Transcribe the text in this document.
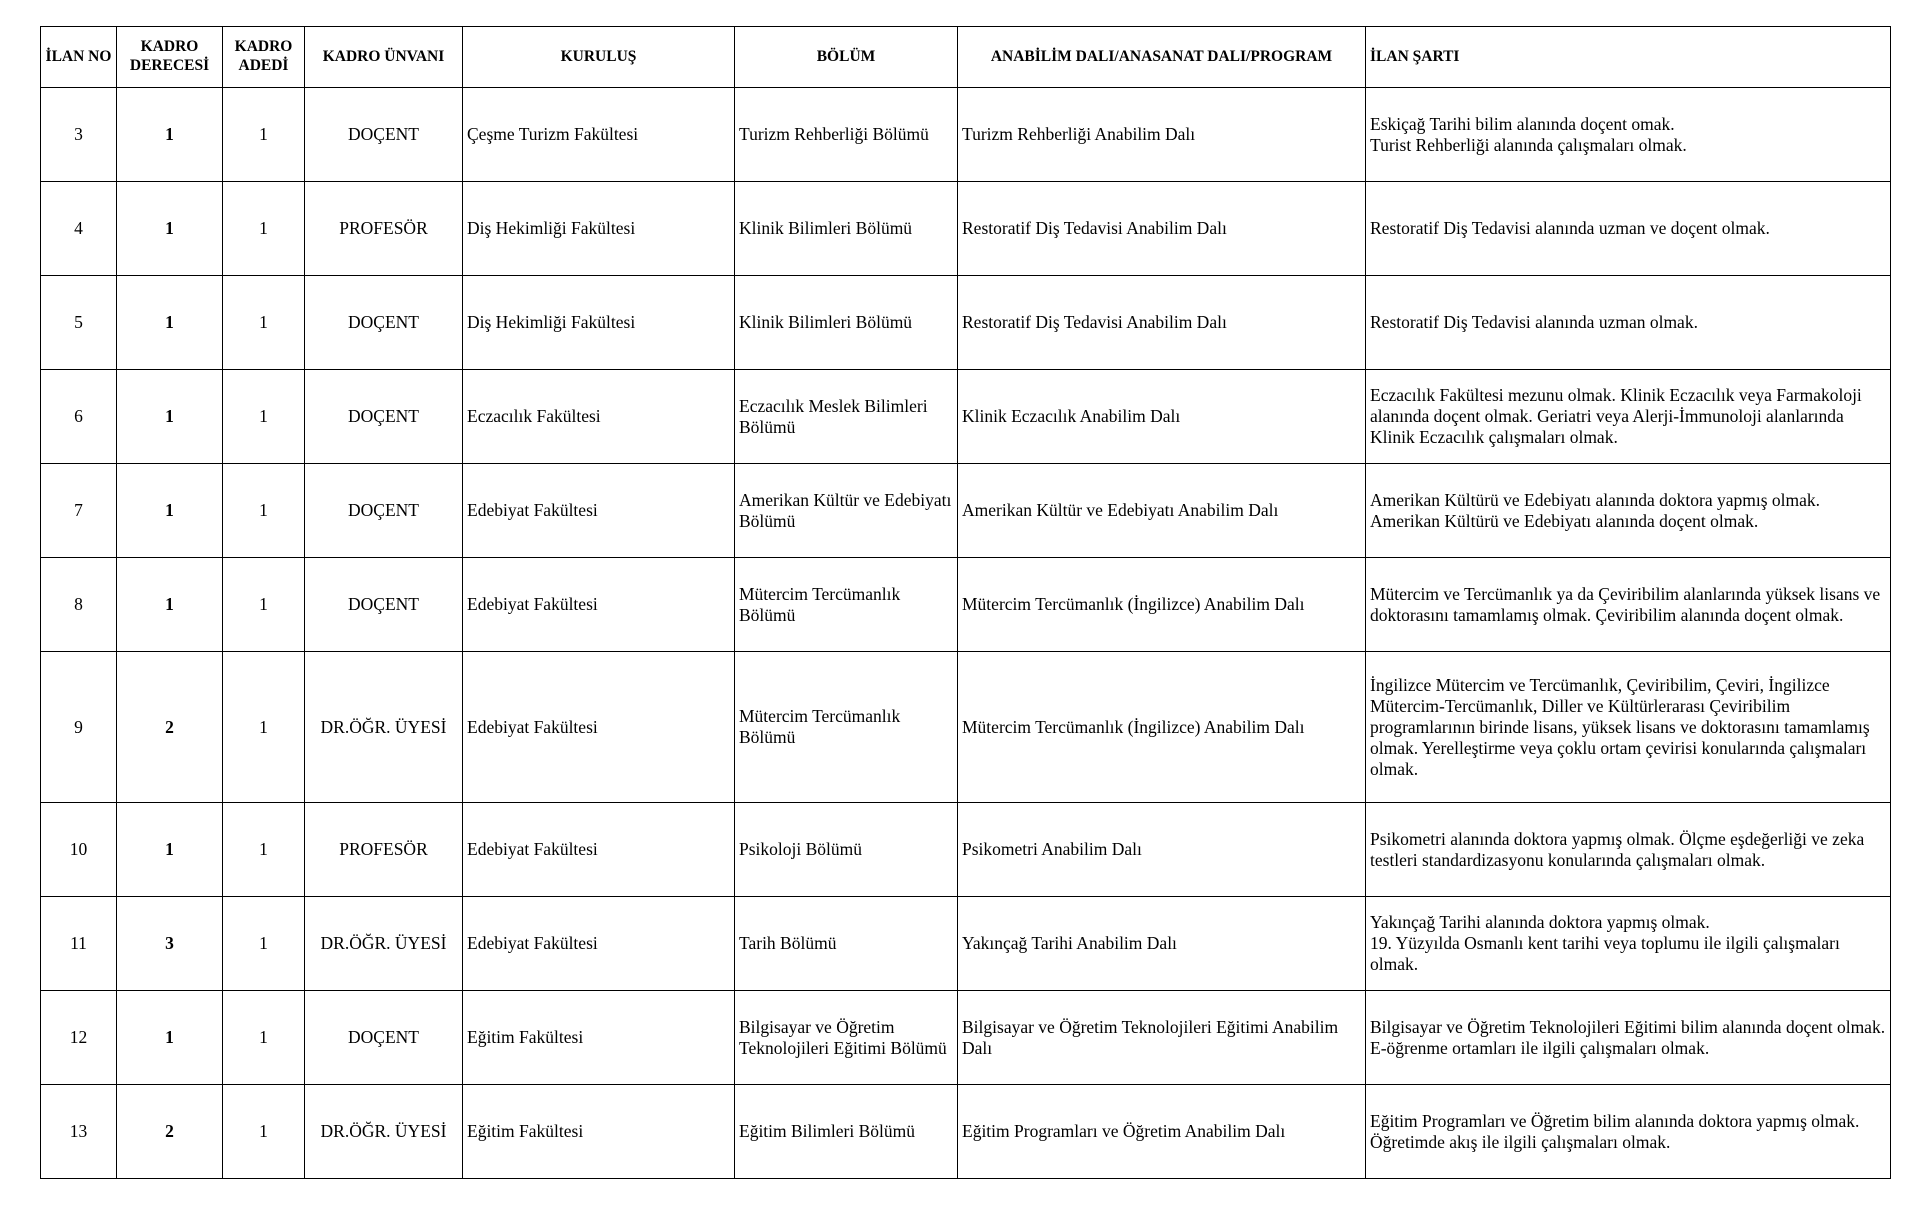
İLAN NO	KADRO DERECESİ	KADRO ADEDİ	KADRO ÜNVANI	KURULUŞ	BÖLÜM	ANABİLİM DALI/ANASANAT DALI/PROGRAM	İLAN ŞARTI
3	1	1	DOÇENT	Çeşme Turizm Fakültesi	Turizm Rehberliği Bölümü	Turizm Rehberliği Anabilim Dalı	Eskiçağ Tarihi bilim alanında doçent omak.
Turist Rehberliği alanında çalışmaları olmak.
4	1	1	PROFESÖR	Diş Hekimliği Fakültesi	Klinik Bilimleri Bölümü	Restoratif Diş Tedavisi Anabilim Dalı	Restoratif Diş Tedavisi alanında uzman ve doçent olmak.
5	1	1	DOÇENT	Diş Hekimliği Fakültesi	Klinik Bilimleri Bölümü	Restoratif Diş Tedavisi Anabilim Dalı	Restoratif Diş Tedavisi alanında uzman olmak.
6	1	1	DOÇENT	Eczacılık Fakültesi	Eczacılık Meslek Bilimleri Bölümü	Klinik Eczacılık Anabilim Dalı	Eczacılık Fakültesi mezunu olmak. Klinik Eczacılık veya Farmakoloji alanında doçent olmak. Geriatri veya Alerji-İmmunoloji alanlarında Klinik Eczacılık çalışmaları olmak.
7	1	1	DOÇENT	Edebiyat Fakültesi	Amerikan Kültür ve Edebiyatı Bölümü	Amerikan Kültür ve Edebiyatı Anabilim Dalı	Amerikan Kültürü ve Edebiyatı alanında doktora yapmış olmak. Amerikan Kültürü ve Edebiyatı alanında doçent olmak.
8	1	1	DOÇENT	Edebiyat Fakültesi	Mütercim Tercümanlık Bölümü	Mütercim Tercümanlık (İngilizce) Anabilim Dalı	Mütercim ve Tercümanlık ya da Çeviribilim alanlarında yüksek lisans ve doktorasını tamamlamış olmak. Çeviribilim alanında doçent olmak.
9	2	1	DR.ÖĞR. ÜYESİ	Edebiyat Fakültesi	Mütercim Tercümanlık Bölümü	Mütercim Tercümanlık (İngilizce) Anabilim Dalı	İngilizce Mütercim ve Tercümanlık, Çeviribilim, Çeviri, İngilizce Mütercim-Tercümanlık, Diller ve Kültürlerarası Çeviribilim programlarının birinde lisans, yüksek lisans ve doktorasını tamamlamış olmak. Yerelleştirme veya çoklu ortam çevirisi konularında çalışmaları olmak.
10	1	1	PROFESÖR	Edebiyat Fakültesi	Psikoloji Bölümü	Psikometri Anabilim Dalı	Psikometri alanında doktora yapmış olmak. Ölçme eşdeğerliği ve zeka testleri standardizasyonu konularında çalışmaları olmak.
11	3	1	DR.ÖĞR. ÜYESİ	Edebiyat Fakültesi	Tarih Bölümü	Yakınçağ Tarihi Anabilim Dalı	Yakınçağ Tarihi alanında doktora yapmış olmak.
19. Yüzyılda Osmanlı kent tarihi veya toplumu ile ilgili çalışmaları olmak.
12	1	1	DOÇENT	Eğitim Fakültesi	Bilgisayar ve Öğretim Teknolojileri Eğitimi Bölümü	Bilgisayar ve Öğretim Teknolojileri Eğitimi Anabilim Dalı	Bilgisayar ve Öğretim Teknolojileri Eğitimi bilim alanında doçent olmak. E-öğrenme ortamları ile ilgili çalışmaları olmak.
13	2	1	DR.ÖĞR. ÜYESİ	Eğitim Fakültesi	Eğitim Bilimleri Bölümü	Eğitim Programları ve Öğretim Anabilim Dalı	Eğitim Programları ve Öğretim bilim alanında doktora yapmış olmak. Öğretimde akış ile ilgili çalışmaları olmak.
